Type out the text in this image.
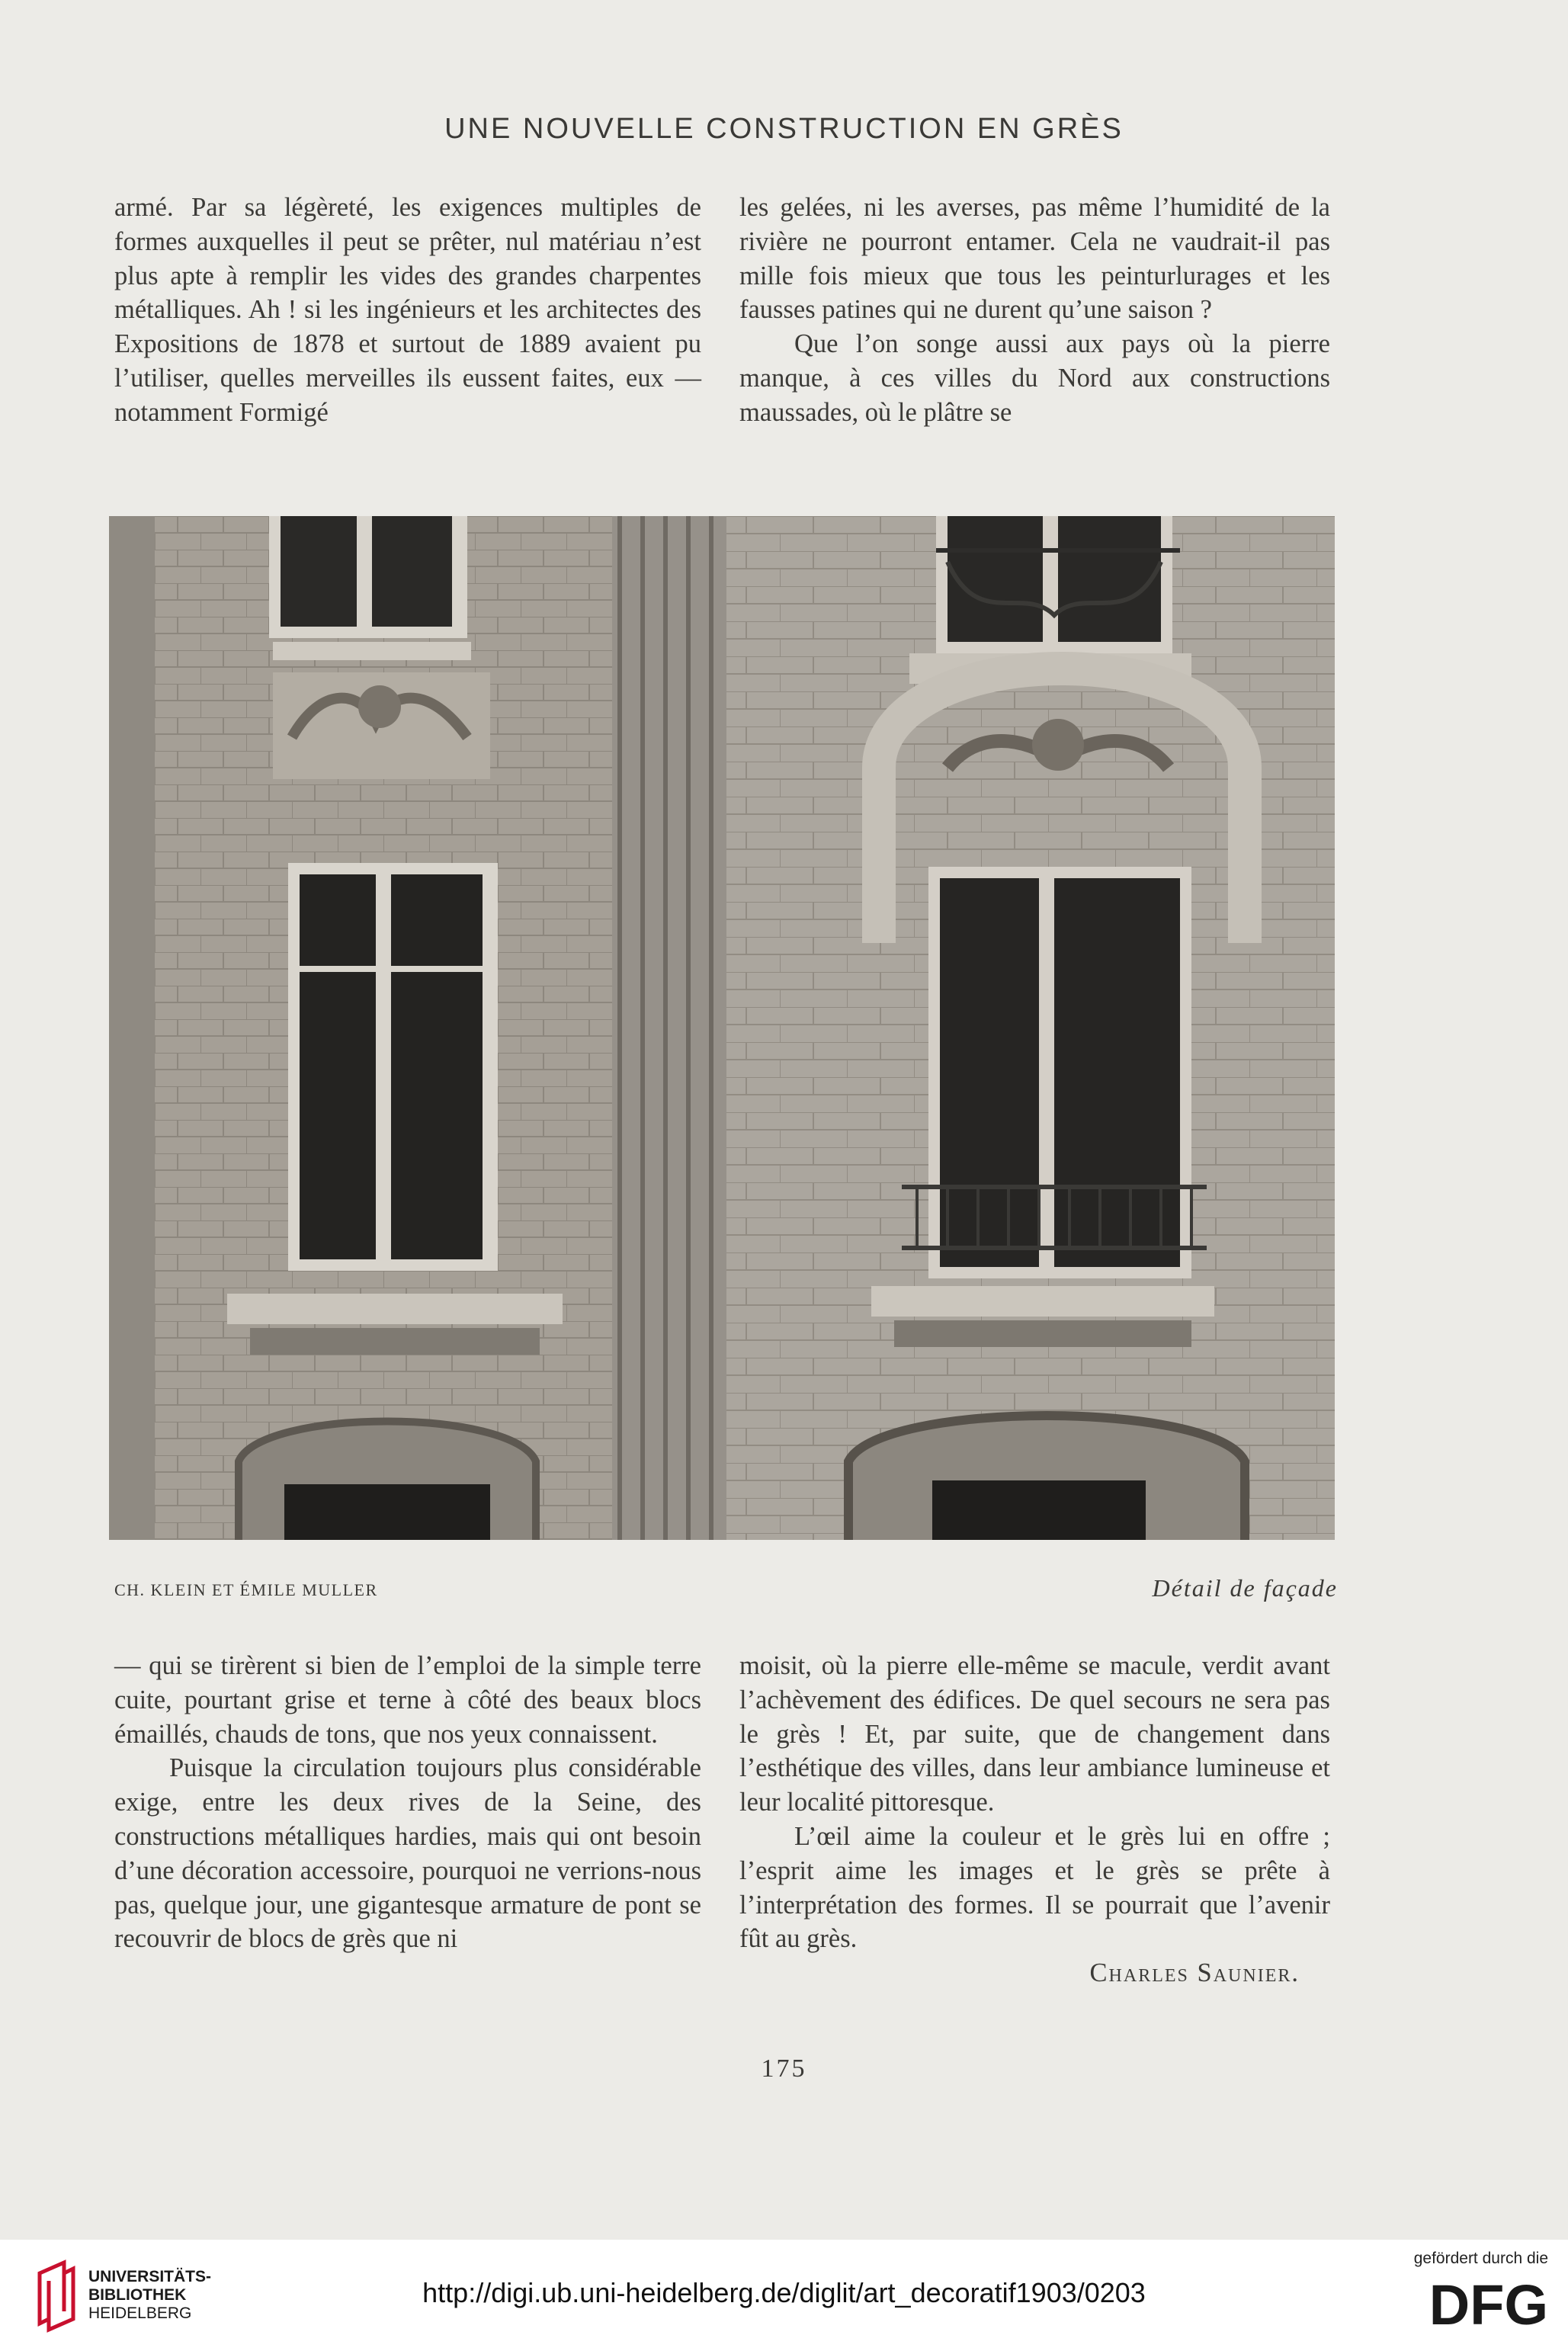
UNE NOUVELLE CONSTRUCTION EN GRÈS

armé. Par sa légèreté, les exigences multiples de formes auxquelles il peut se prêter, nul matériau n’est plus apte à remplir les vides des grandes charpentes métalliques. Ah ! si les ingénieurs et les architectes des Expositions de 1878 et surtout de 1889 avaient pu l’utiliser, quelles merveilles ils eussent faites, eux — notamment Formigé

les gelées, ni les averses, pas même l’humidité de la rivière ne pourront entamer. Cela ne vaudrait-il pas mille fois mieux que tous les peinturlurages et les fausses patines qui ne durent qu’une saison ?

Que l’on songe aussi aux pays où la pierre manque, à ces villes du Nord aux constructions maussades, où le plâtre se

CH. KLEIN ET ÉMILE MULLER	Détail de façade

— qui se tirèrent si bien de l’emploi de la simple terre cuite, pourtant grise et terne à côté des beaux blocs émaillés, chauds de tons, que nos yeux connaissent.

Puisque la circulation toujours plus considérable exige, entre les deux rives de la Seine, des constructions métalliques hardies, mais qui ont besoin d’une décoration accessoire, pourquoi ne verrions-nous pas, quelque jour, une gigantesque armature de pont se recouvrir de blocs de grès que ni

moisit, où la pierre elle-même se macule, verdit avant l’achèvement des édifices. De quel secours ne sera pas le grès ! Et, par suite, que de changement dans l’esthétique des villes, dans leur ambiance lumineuse et leur localité pittoresque.

L’œil aime la couleur et le grès lui en offre ; l’esprit aime les images et le grès se prête à l’interprétation des formes. Il se pourrait que l’avenir fût au grès.

Charles Saunier.

175
UNIVERSITÄTS-
BIBLIOTHEK
HEIDELBERG
http://digi.ub.uni-heidelberg.de/diglit/art_decoratif1903/0203
gefördert durch die
DFG
